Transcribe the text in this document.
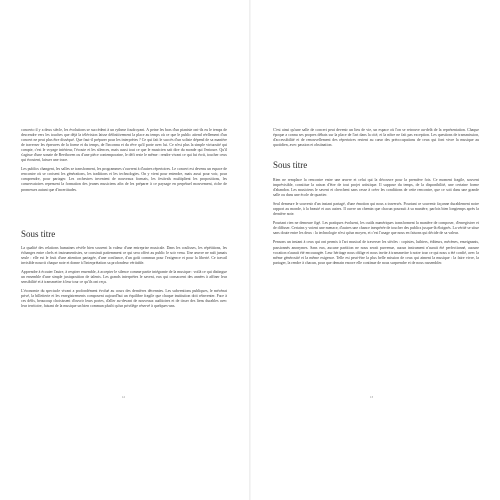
concerto il y a deux siècle, les évolutions se succèdent à un rythme foudroyant. À peine les bras d'un pianiste ont-ils eu le temps de descendre vers les touches que déjà la télévision laisse définitivement la place au temps où ce que le public attend réellement d'un concert ne peut plus être disséqué. Que faut-il préparer pour les interprètes ? Ce qui fait le succès d'un soliste dépend de sa manière de traverser les épreuves de la forme et du temps, de l'inconnu et du rêve qu'il porte avec lui. Ce n'est plus la simple virtuosité qui compte, c'est le voyage intérieur, l'écoute et les silences, mais aussi tout ce que le musicien sait dire du monde qui l'entoure. Qu'il s'agisse d'une sonate de Beethoven ou d'une pièce contemporaine, le défi reste le même : rendre vivant ce qui fut écrit, toucher ceux qui écoutent, laisser une trace.

Les publics changent, les salles se transforment, les programmes s'ouvrent à d'autres répertoires. Le concert est devenu un espace de rencontre où se croisent les générations, les traditions et les technologies. On y vient pour entendre, mais aussi pour voir, pour comprendre, pour partager. Les orchestres inventent de nouveaux formats, les festivals multiplient les propositions, les conservatoires repensent la formation des jeunes musiciens afin de les préparer à ce paysage en perpétuel mouvement, riche de promesses autant que d'incertitudes.

Sous titre

La qualité des relations humaines révèle bien souvent la valeur d'une entreprise musicale. Dans les coulisses, les répétitions, les échanges entre chefs et instrumentistes, se construit patiemment ce qui sera offert au public le soir venu. Une œuvre ne naît jamais seule : elle est le fruit d'une attention partagée, d'une confiance, d'un goût commun pour l'exigence et pour la liberté. Ce travail invisible nourrit chaque note et donne à l'interprétation sa profondeur véritable.

Apprendre à écouter l'autre, à respirer ensemble, à accepter le silence comme partie intégrante de la musique : voilà ce qui distingue un ensemble d'une simple juxtaposition de talents. Les grands interprètes le savent, eux qui consacrent des années à affiner leur sensibilité et à transmettre à leur tour ce qu'ils ont reçu.

L'économie du spectacle vivant a profondément évolué au cours des dernières décennies. Les subventions publiques, le mécénat privé, la billetterie et les enregistrements composent aujourd'hui un équilibre fragile que chaque institution doit réinventer. Face à ces défis, beaucoup choisissent d'ouvrir leurs portes, d'aller au-devant de nouveaux auditoires et de tisser des liens durables avec leur territoire, faisant de la musique un bien commun plutôt qu'un privilège réservé à quelques-uns.

12

C'est ainsi qu'une salle de concert peut devenir un lieu de vie, un espace où l'on se retrouve au-delà de la représentation. Chaque époque a connu ses propres débats sur la place de l'art dans la cité, et la nôtre ne fait pas exception. Les questions de transmission, d'accessibilité et de renouvellement des répertoires restent au cœur des préoccupations de ceux qui font vivre la musique au quotidien, avec passion et obstination.

Sous titre

Rien ne remplace la rencontre entre une œuvre et celui qui la découvre pour la première fois. Ce moment fragile, souvent imprévisible, constitue la raison d'être de tout projet artistique. Il suppose du temps, de la disponibilité, une certaine forme d'abandon. Les musiciens le savent et cherchent sans cesse à créer les conditions de cette rencontre, que ce soit dans une grande salle ou dans une école de quartier.

Seul demeure le souvenir d'un instant partagé, d'une émotion qui nous a traversés. Pourtant ce souvenir façonne durablement notre rapport au monde, à la beauté et aux autres. Il ouvre un chemin que chacun poursuit à sa manière, parfois bien longtemps après la dernière note.

Pourtant rien ne demeure figé. Les pratiques évoluent, les outils numériques transforment la manière de composer, d'enregistrer et de diffuser. Certains y voient une menace, d'autres une chance inespérée de toucher des publics jusque-là éloignés. La vérité se situe sans doute entre les deux : la technologie n'est qu'un moyen, et c'est l'usage que nous en faisons qui décide de sa valeur.

Pensons un instant à ceux qui ont permis à l'art musical de traverser les siècles : copistes, luthiers, éditeurs, mécènes, enseignants, passionnés anonymes. Sans eux, aucune partition ne nous serait parvenue, aucun instrument n'aurait été perfectionné, aucune vocation n'aurait été encouragée. Leur héritage nous oblige et nous invite à transmettre à notre tour ce qui nous a été confié, avec la même générosité et la même exigence. Telle est peut-être la plus belle mission de ceux qui aiment la musique : la faire vivre, la partager, la rendre à chacun, pour que demain encore elle continue de nous surprendre et de nous rassembler.

13
